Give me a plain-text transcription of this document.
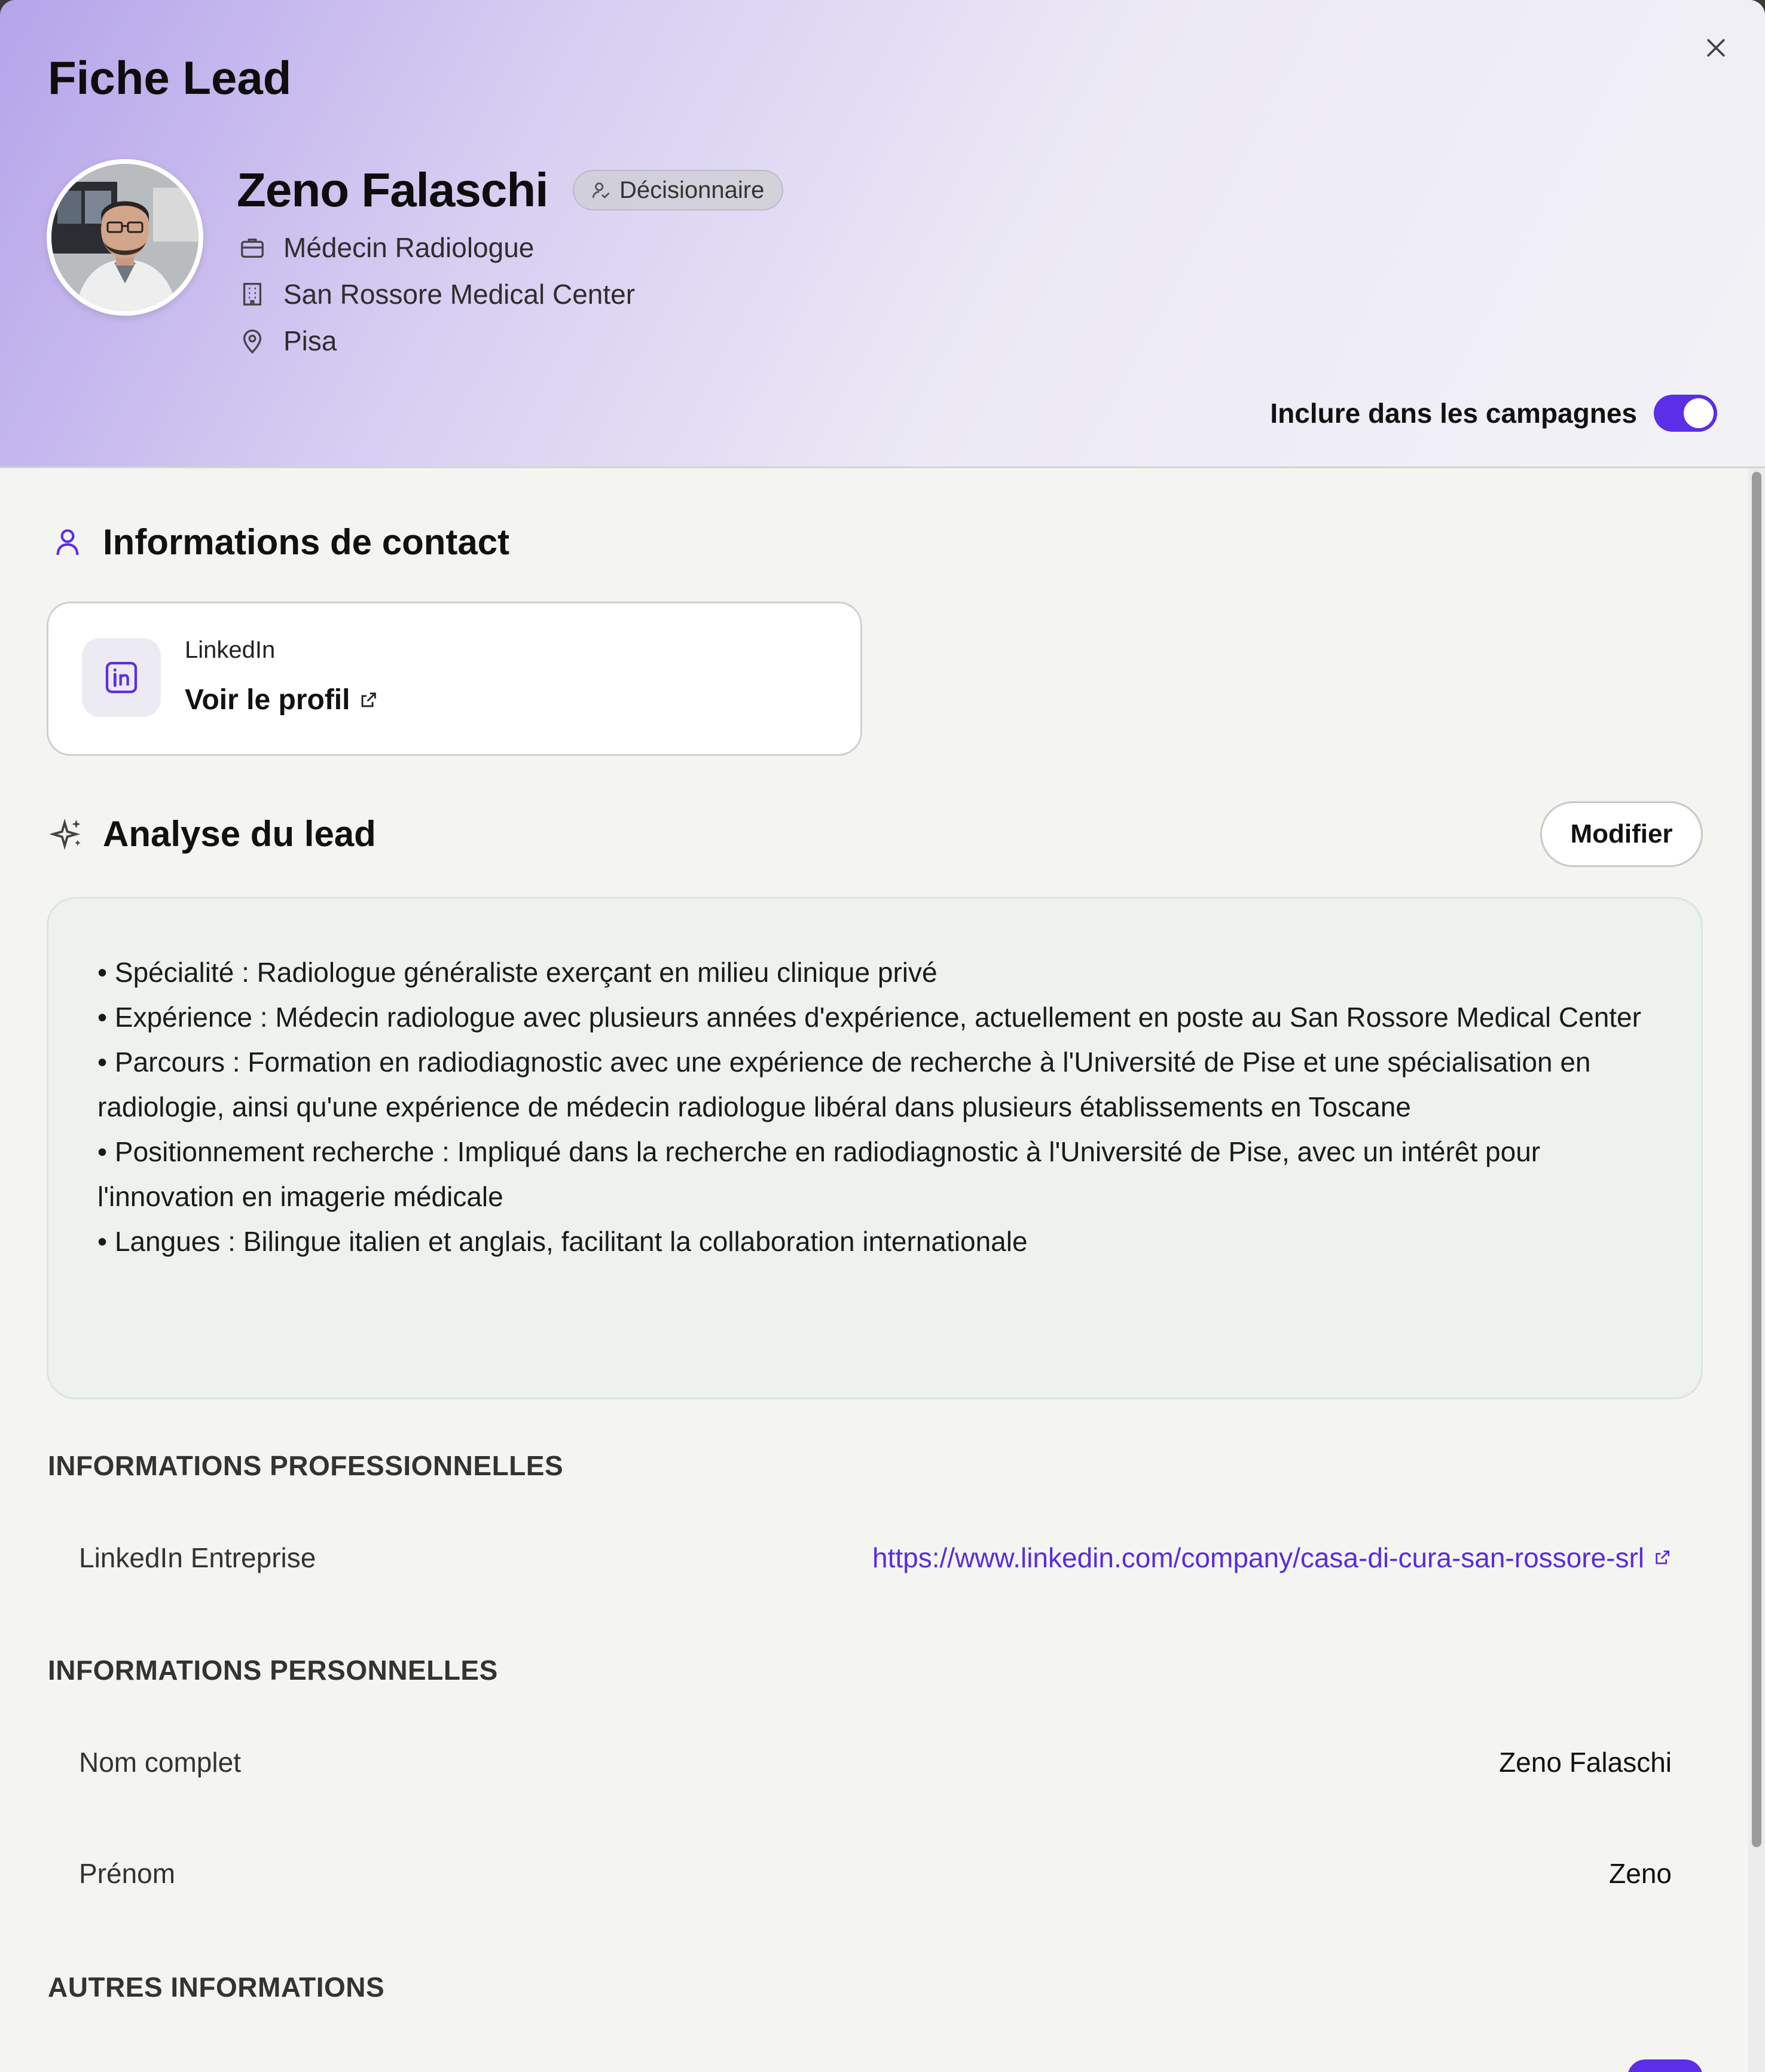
Fiche Lead
Zeno Falaschi	Décisionnaire
Médecin Radiologue
San Rossore Medical Center
Pisa
Inclure dans les campagnes
Informations de contact
LinkedIn
Voir le profil
Analyse du lead	Modifier

• Spécialité : Radiologue généraliste exerçant en milieu clinique privé

• Expérience : Médecin radiologue avec plusieurs années d'expérience, actuellement en poste au San Rossore Medical Center

• Parcours : Formation en radiodiagnostic avec une expérience de recherche à l'Université de Pise et une spécialisation en radiologie, ainsi qu'une expérience de médecin radiologue libéral dans plusieurs établissements en Toscane

• Positionnement recherche : Impliqué dans la recherche en radiodiagnostic à l'Université de Pise, avec un intérêt pour l'innovation en imagerie médicale

• Langues : Bilingue italien et anglais, facilitant la collaboration internationale

INFORMATIONS PROFESSIONNELLES
LinkedIn Entreprise	https://www.linkedin.com/company/casa-di-cura-san-rossore-srl
INFORMATIONS PERSONNELLES
Nom complet	Zeno Falaschi
Prénom	Zeno
AUTRES INFORMATIONS
